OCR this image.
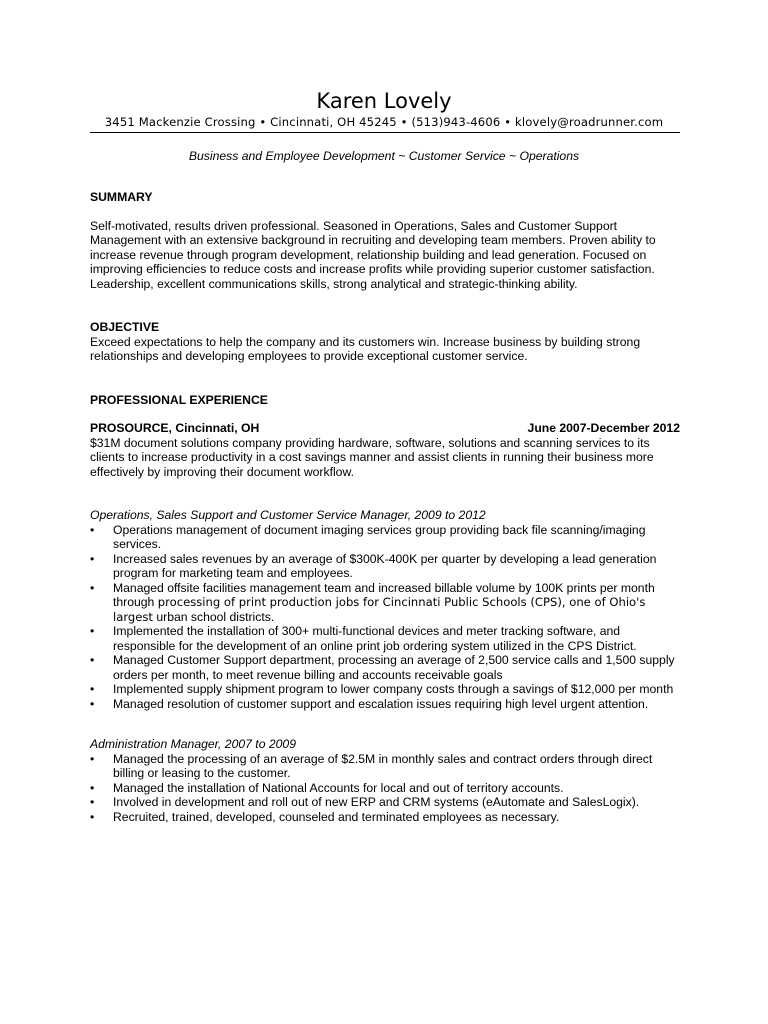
Karen Lovely
3451 Mackenzie Crossing • Cincinnati, OH 45245 • (513)943-4606 • klovely@roadrunner.com
Business and Employee Development ~ Customer Service ~ Operations

SUMMARY

Self-motivated, results driven professional. Seasoned in Operations, Sales and Customer Support Management with an extensive background in recruiting and developing team members. Proven ability to increase revenue through program development, relationship building and lead generation. Focused on improving efficiencies to reduce costs and increase profits while providing superior customer satisfaction. Leadership, excellent communications skills, strong analytical and strategic-thinking ability.

OBJECTIVE

Exceed expectations to help the company and its customers win. Increase business by building strong relationships and developing employees to provide exceptional customer service.

PROFESSIONAL EXPERIENCE

PROSOURCE, Cincinnati, OH	June 2007-December 2012

$31M document solutions company providing hardware, software, solutions and scanning services to its clients to increase productivity in a cost savings manner and assist clients in running their business more effectively by improving their document workflow.

Operations, Sales Support and Customer Service Manager, 2009 to 2012

• Operations management of document imaging services group providing back file scanning/imaging services.
• Increased sales revenues by an average of $300K-400K per quarter by developing a lead generation program for marketing team and employees.
• Managed offsite facilities management team and increased billable volume by 100K prints per month through processing of print production jobs for Cincinnati Public Schools (CPS), one of Ohio's largest urban school districts.
• Implemented the installation of 300+ multi-functional devices and meter tracking software, and responsible for the development of an online print job ordering system utilized in the CPS District.
• Managed Customer Support department, processing an average of 2,500 service calls and 1,500 supply orders per month, to meet revenue billing and accounts receivable goals
• Implemented supply shipment program to lower company costs through a savings of $12,000 per month
• Managed resolution of customer support and escalation issues requiring high level urgent attention.

Administration Manager, 2007 to 2009

• Managed the processing of an average of $2.5M in monthly sales and contract orders through direct billing or leasing to the customer.
• Managed the installation of National Accounts for local and out of territory accounts.
• Involved in development and roll out of new ERP and CRM systems (eAutomate and SalesLogix).
• Recruited, trained, developed, counseled and terminated employees as necessary.
